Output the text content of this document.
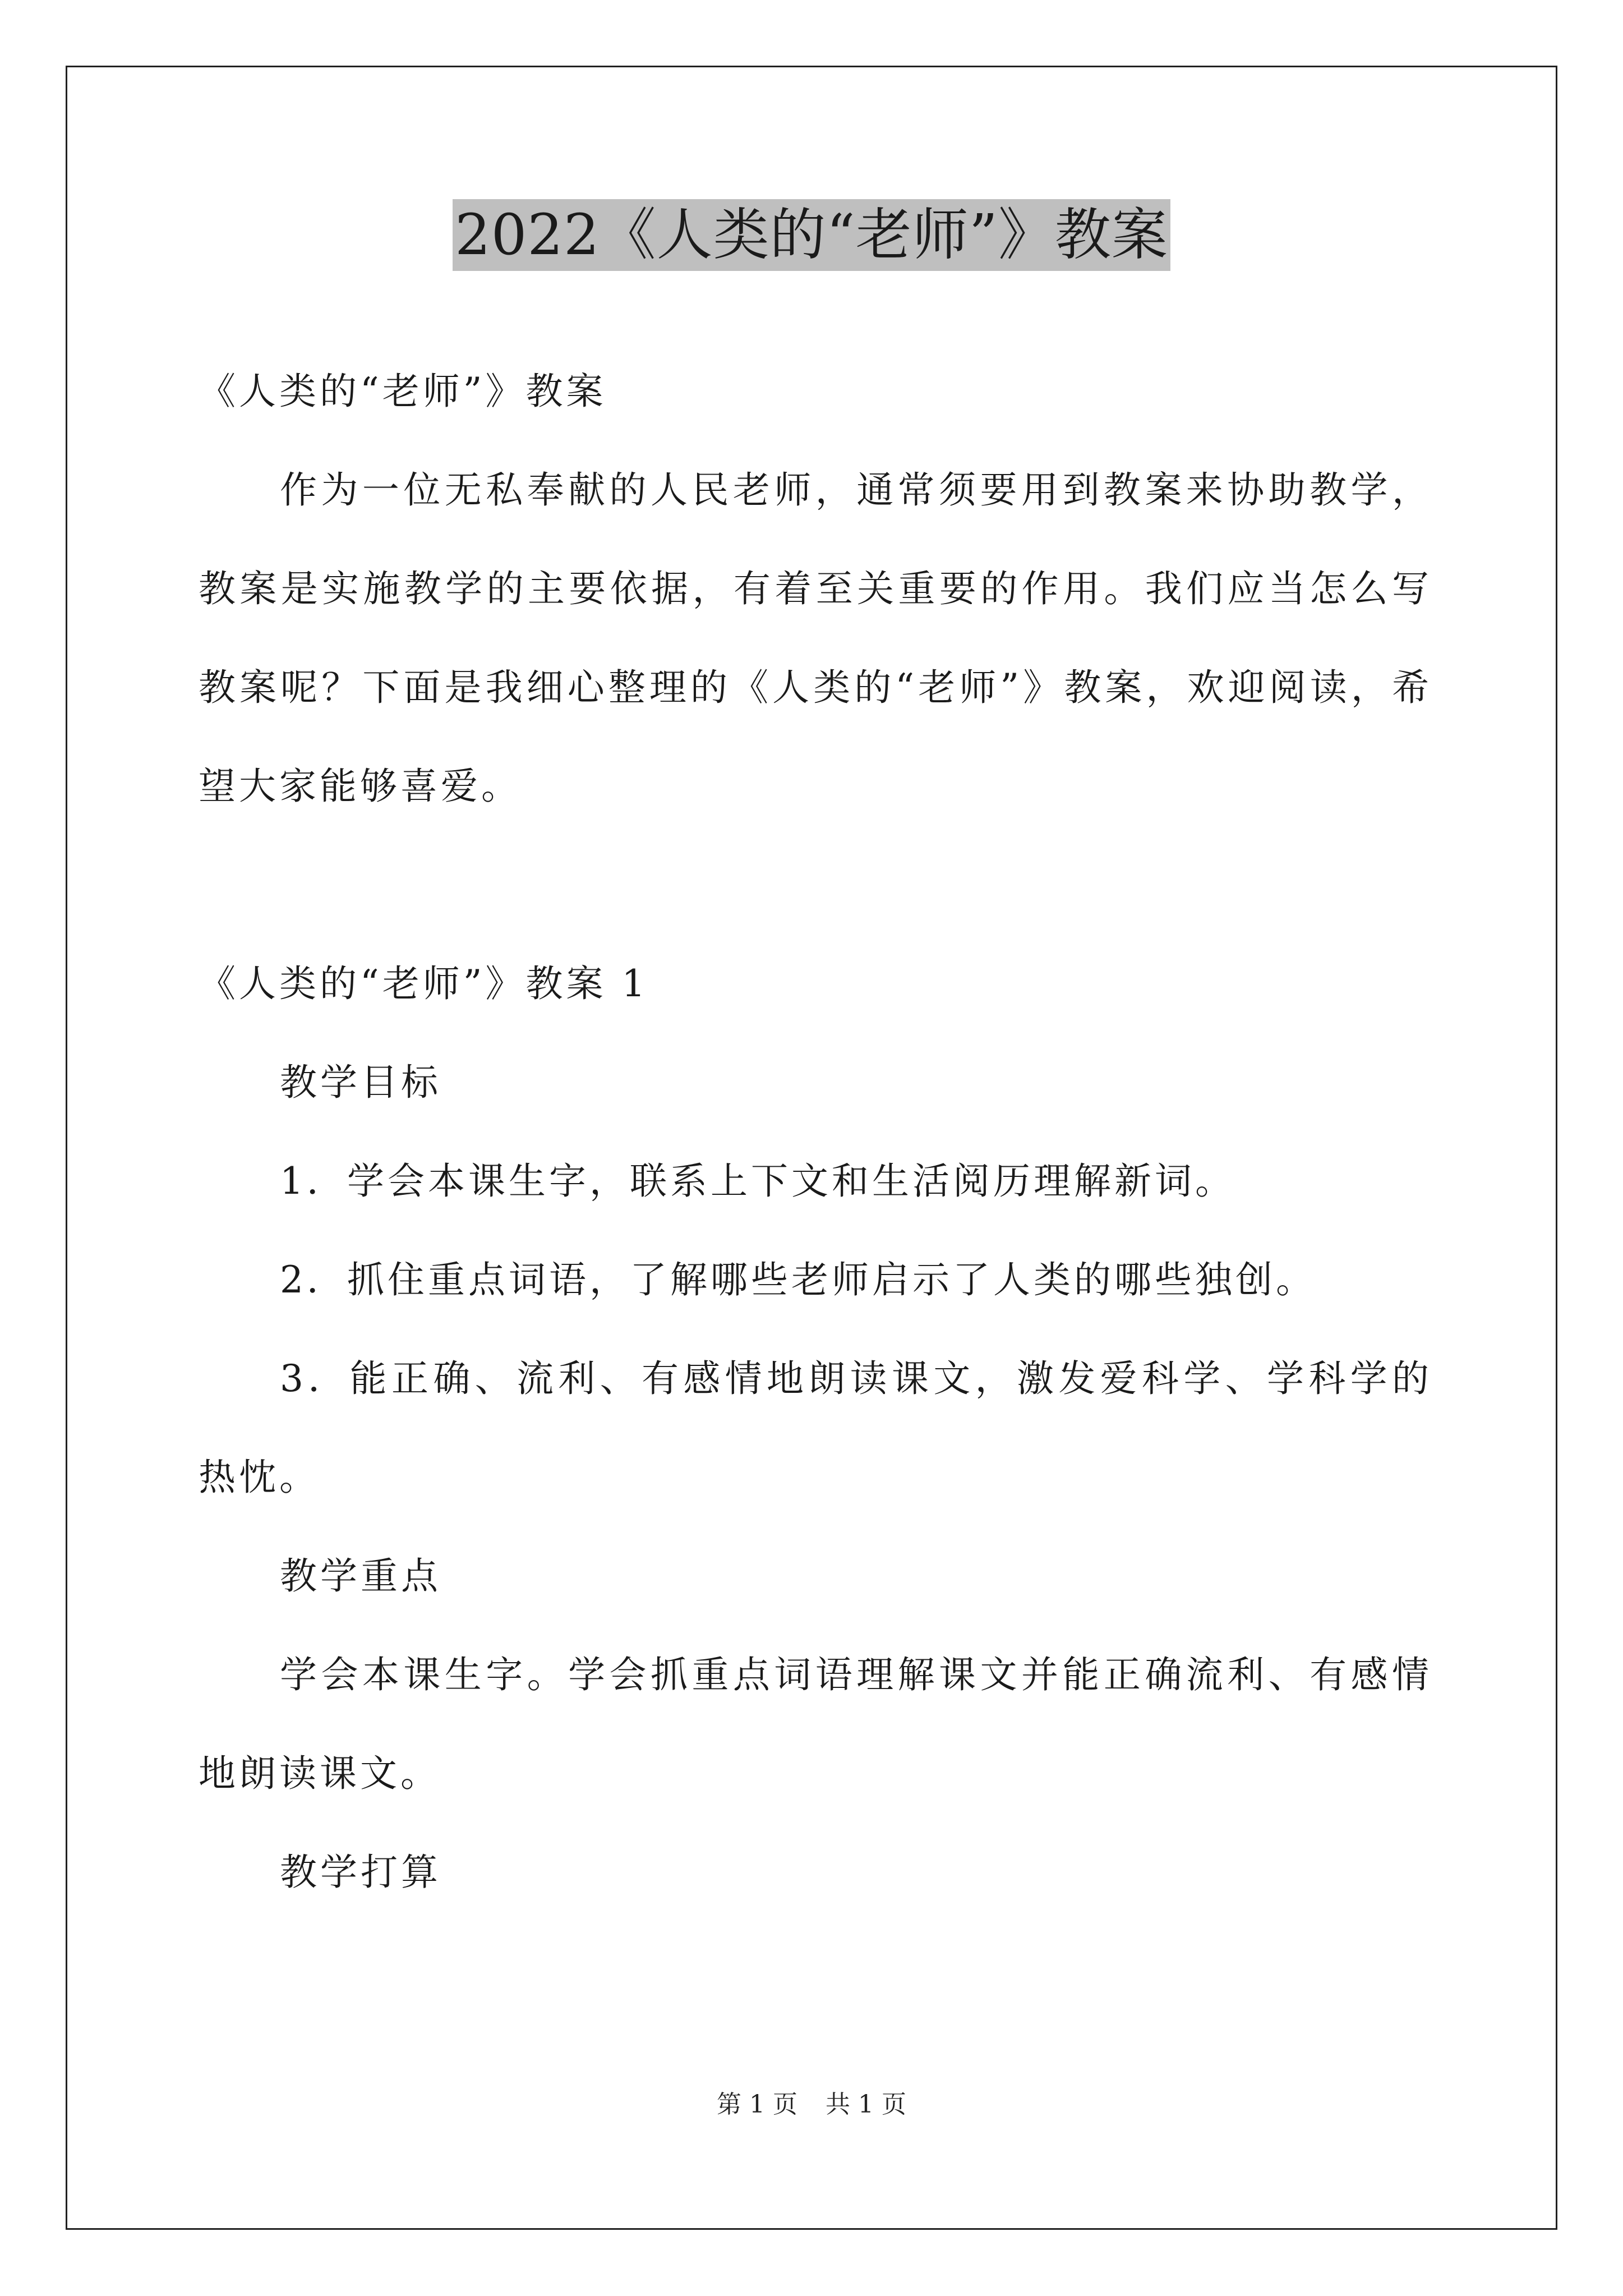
2022《人类的“老师”》教案

《人类的“老师”》教案

作为一位无私奉献的人民老师，通常须要用到教案来协助教学，教案是实施教学的主要依据，有着至关重要的作用。我们应当怎么写教案呢？下面是我细心整理的《人类的“老师”》教案，欢迎阅读，希望大家能够喜爱。

《人类的“老师”》教案 1

教学目标

1．学会本课生字，联系上下文和生活阅历理解新词。

2．抓住重点词语，了解哪些老师启示了人类的哪些独创。

3．能正确、流利、有感情地朗读课文，激发爱科学、学科学的热忱。

教学重点

学会本课生字。学会抓重点词语理解课文并能正确流利、有感情地朗读课文。

教学打算

第 1 页 共 1 页
